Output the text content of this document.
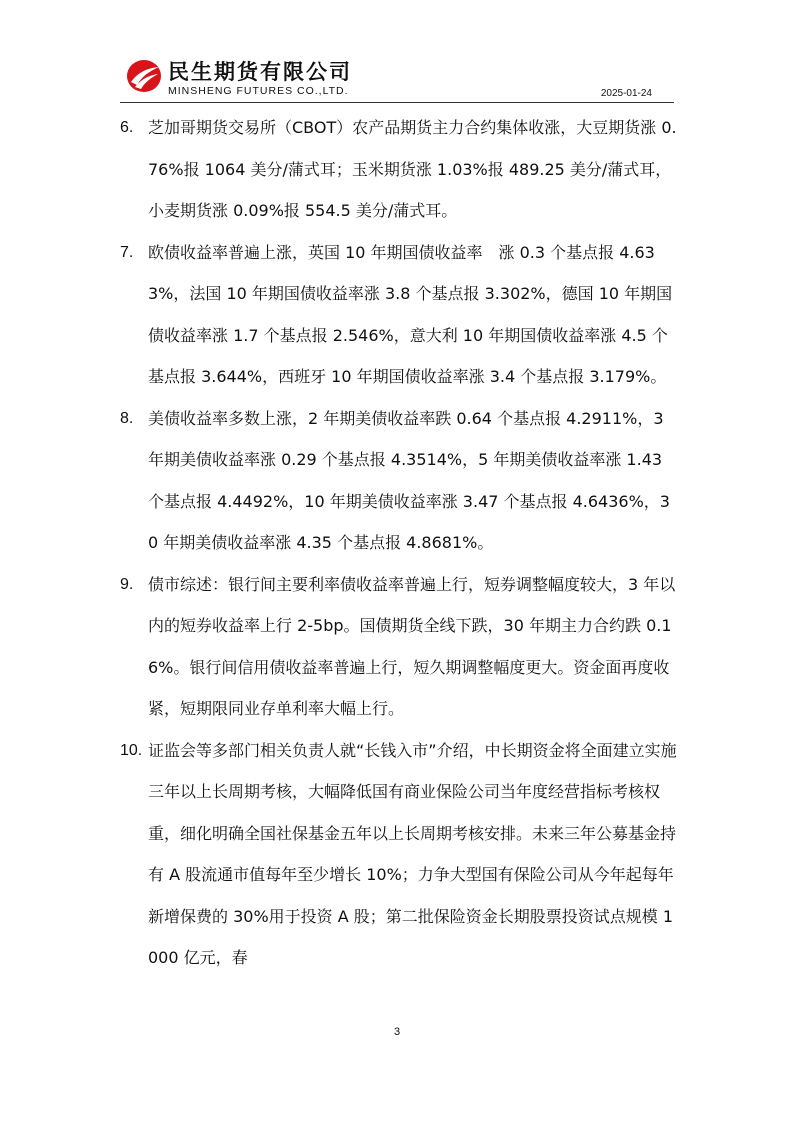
民生期货有限公司
MINSHENG FUTURES CO.,LTD.	2025-01-24
6. 芝加哥期货交易所（CBOT）农产品期货主力合约集体收涨，大豆期货涨 0.76%报 1064 美分/蒲式耳；玉米期货涨 1.03%报 489.25 美分/蒲式耳，小麦期货涨 0.09%报 554.5 美分/蒲式耳。
7. 欧债收益率普遍上涨，英国 10 年期国债收益率　涨 0.3 个基点报 4.633%，法国 10 年期国债收益率涨 3.8 个基点报 3.302%，德国 10 年期国债收益率涨 1.7 个基点报 2.546%，意大利 10 年期国债收益率涨 4.5 个基点报 3.644%，西班牙 10 年期国债收益率涨 3.4 个基点报 3.179%。
8. 美债收益率多数上涨，2 年期美债收益率跌 0.64 个基点报 4.2911%，3 年期美债收益率涨 0.29 个基点报 4.3514%，5 年期美债收益率涨 1.43 个基点报 4.4492%，10 年期美债收益率涨 3.47 个基点报 4.6436%，30 年期美债收益率涨 4.35 个基点报 4.8681%。
9. 债市综述：银行间主要利率债收益率普遍上行，短券调整幅度较大，3 年以内的短券收益率上行 2-5bp。国债期货全线下跌，30 年期主力合约跌 0.16%。银行间信用债收益率普遍上行，短久期调整幅度更大。资金面再度收紧，短期限同业存单利率大幅上行。
10. 证监会等多部门相关负责人就“长钱入市”介绍，中长期资金将全面建立实施三年以上长周期考核，大幅降低国有商业保险公司当年度经营指标考核权重，细化明确全国社保基金五年以上长周期考核安排。未来三年公募基金持有 A 股流通市值每年至少增长 10%；力争大型国有保险公司从今年起每年新增保费的 30%用于投资 A 股；第二批保险资金长期股票投资试点规模 1000 亿元，春
3
